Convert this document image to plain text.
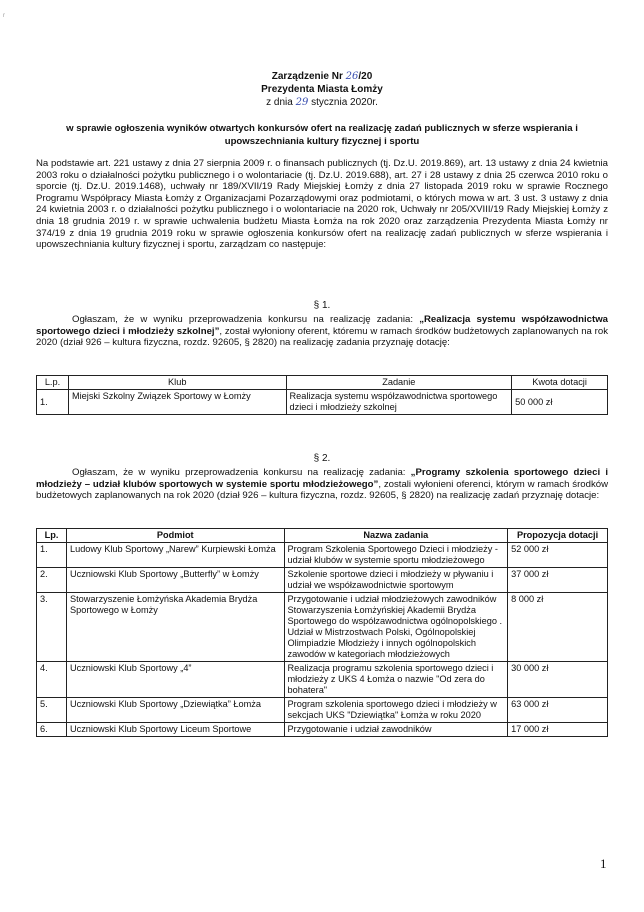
r
Zarządzenie Nr 26/20
Prezydenta Miasta Łomży
z dnia 29 stycznia 2020r.
w sprawie ogłoszenia wyników otwartych konkursów ofert na realizację zadań publicznych w sferze wspierania i upowszechniania kultury fizycznej i sportu
Na podstawie art. 221 ustawy z dnia 27 sierpnia 2009 r. o finansach publicznych (tj. Dz.U. 2019.869), art. 13 ustawy z dnia 24 kwietnia 2003 roku o działalności pożytku publicznego i o wolontariacie (tj. Dz.U. 2019.688), art. 27 i 28 ustawy z dnia 25 czerwca 2010 roku o sporcie (tj. Dz.U. 2019.1468), uchwały nr 189/XVII/19 Rady Miejskiej Łomży z dnia 27 listopada 2019 roku w sprawie Rocznego Programu Współpracy Miasta Łomży z Organizacjami Pozarządowymi oraz podmiotami, o których mowa w art. 3 ust. 3 ustawy z dnia 24 kwietnia 2003 r. o działalności pożytku publicznego i o wolontariacie na 2020 rok, Uchwały nr 205/XVIII/19 Rady Miejskiej Łomży z dnia 18 grudnia 2019 r. w sprawie uchwalenia budżetu Miasta Łomża na rok 2020 oraz zarządzenia Prezydenta Miasta Łomży nr 374/19 z dnia 19 grudnia 2019 roku w sprawie ogłoszenia konkursów ofert na realizację zadań publicznych w sferze wspierania i upowszechniania kultury fizycznej i sportu, zarządzam co następuje:
§ 1.
Ogłaszam, że w wyniku przeprowadzenia konkursu na realizację zadania: „Realizacja systemu współzawodnictwa sportowego dzieci i młodzieży szkolnej”, został wyłoniony oferent, któremu w ramach środków budżetowych zaplanowanych na rok 2020 (dział 926 – kultura fizyczna, rozdz. 92605, § 2820) na realizację zadania przyznaję dotację:
L.p.	Klub	Zadanie	Kwota dotacji
1.	Miejski Szkolny Związek Sportowy w Łomży	Realizacja systemu współzawodnictwa sportowego dzieci i młodzieży szkolnej	50 000 zł
§ 2.
Ogłaszam, że w wyniku przeprowadzenia konkursu na realizację zadania: „Programy szkolenia sportowego dzieci i młodzieży – udział klubów sportowych w systemie sportu młodzieżowego”, zostali wyłonieni oferenci, którym w ramach środków budżetowych zaplanowanych na rok 2020 (dział 926 – kultura fizyczna, rozdz. 92605, § 2820) na realizację zadań przyznaję dotacje:
Lp.	Podmiot	Nazwa zadania	Propozycja dotacji
1.	Ludowy Klub Sportowy „Narew” Kurpiewski Łomża	Program Szkolenia Sportowego Dzieci i młodzieży - udział klubów w systemie sportu młodzieżowego	52 000 zł
2.	Uczniowski Klub Sportowy „Butterfly” w Łomży	Szkolenie sportowe dzieci i młodzieży w pływaniu i udział we współzawodnictwie sportowym	37 000 zł
3.	Stowarzyszenie Łomżyńska Akademia Brydża Sportowego w Łomży	Przygotowanie i udział młodzieżowych zawodników Stowarzyszenia Łomżyńskiej Akademii Brydża Sportowego do współzawodnictwa ogólnopolskiego . Udział w Mistrzostwach Polski, Ogólnopolskiej Olimpiadzie Młodzieży i innych ogólnopolskich zawodów w kategoriach młodzieżowych	8 000 zł
4.	Uczniowski Klub Sportowy „4”	Realizacja programu szkolenia sportowego dzieci i młodzieży z UKS 4 Łomża o nazwie "Od zera do bohatera"	30 000 zł
5.	Uczniowski Klub Sportowy „Dziewiątka” Łomża	Program szkolenia sportowego dzieci i młodzieży w sekcjach UKS "Dziewiątka" Łomża w roku 2020	63 000 zł
6.	Uczniowski Klub Sportowy Liceum Sportowe	Przygotowanie i udział zawodników	17 000 zł
1
